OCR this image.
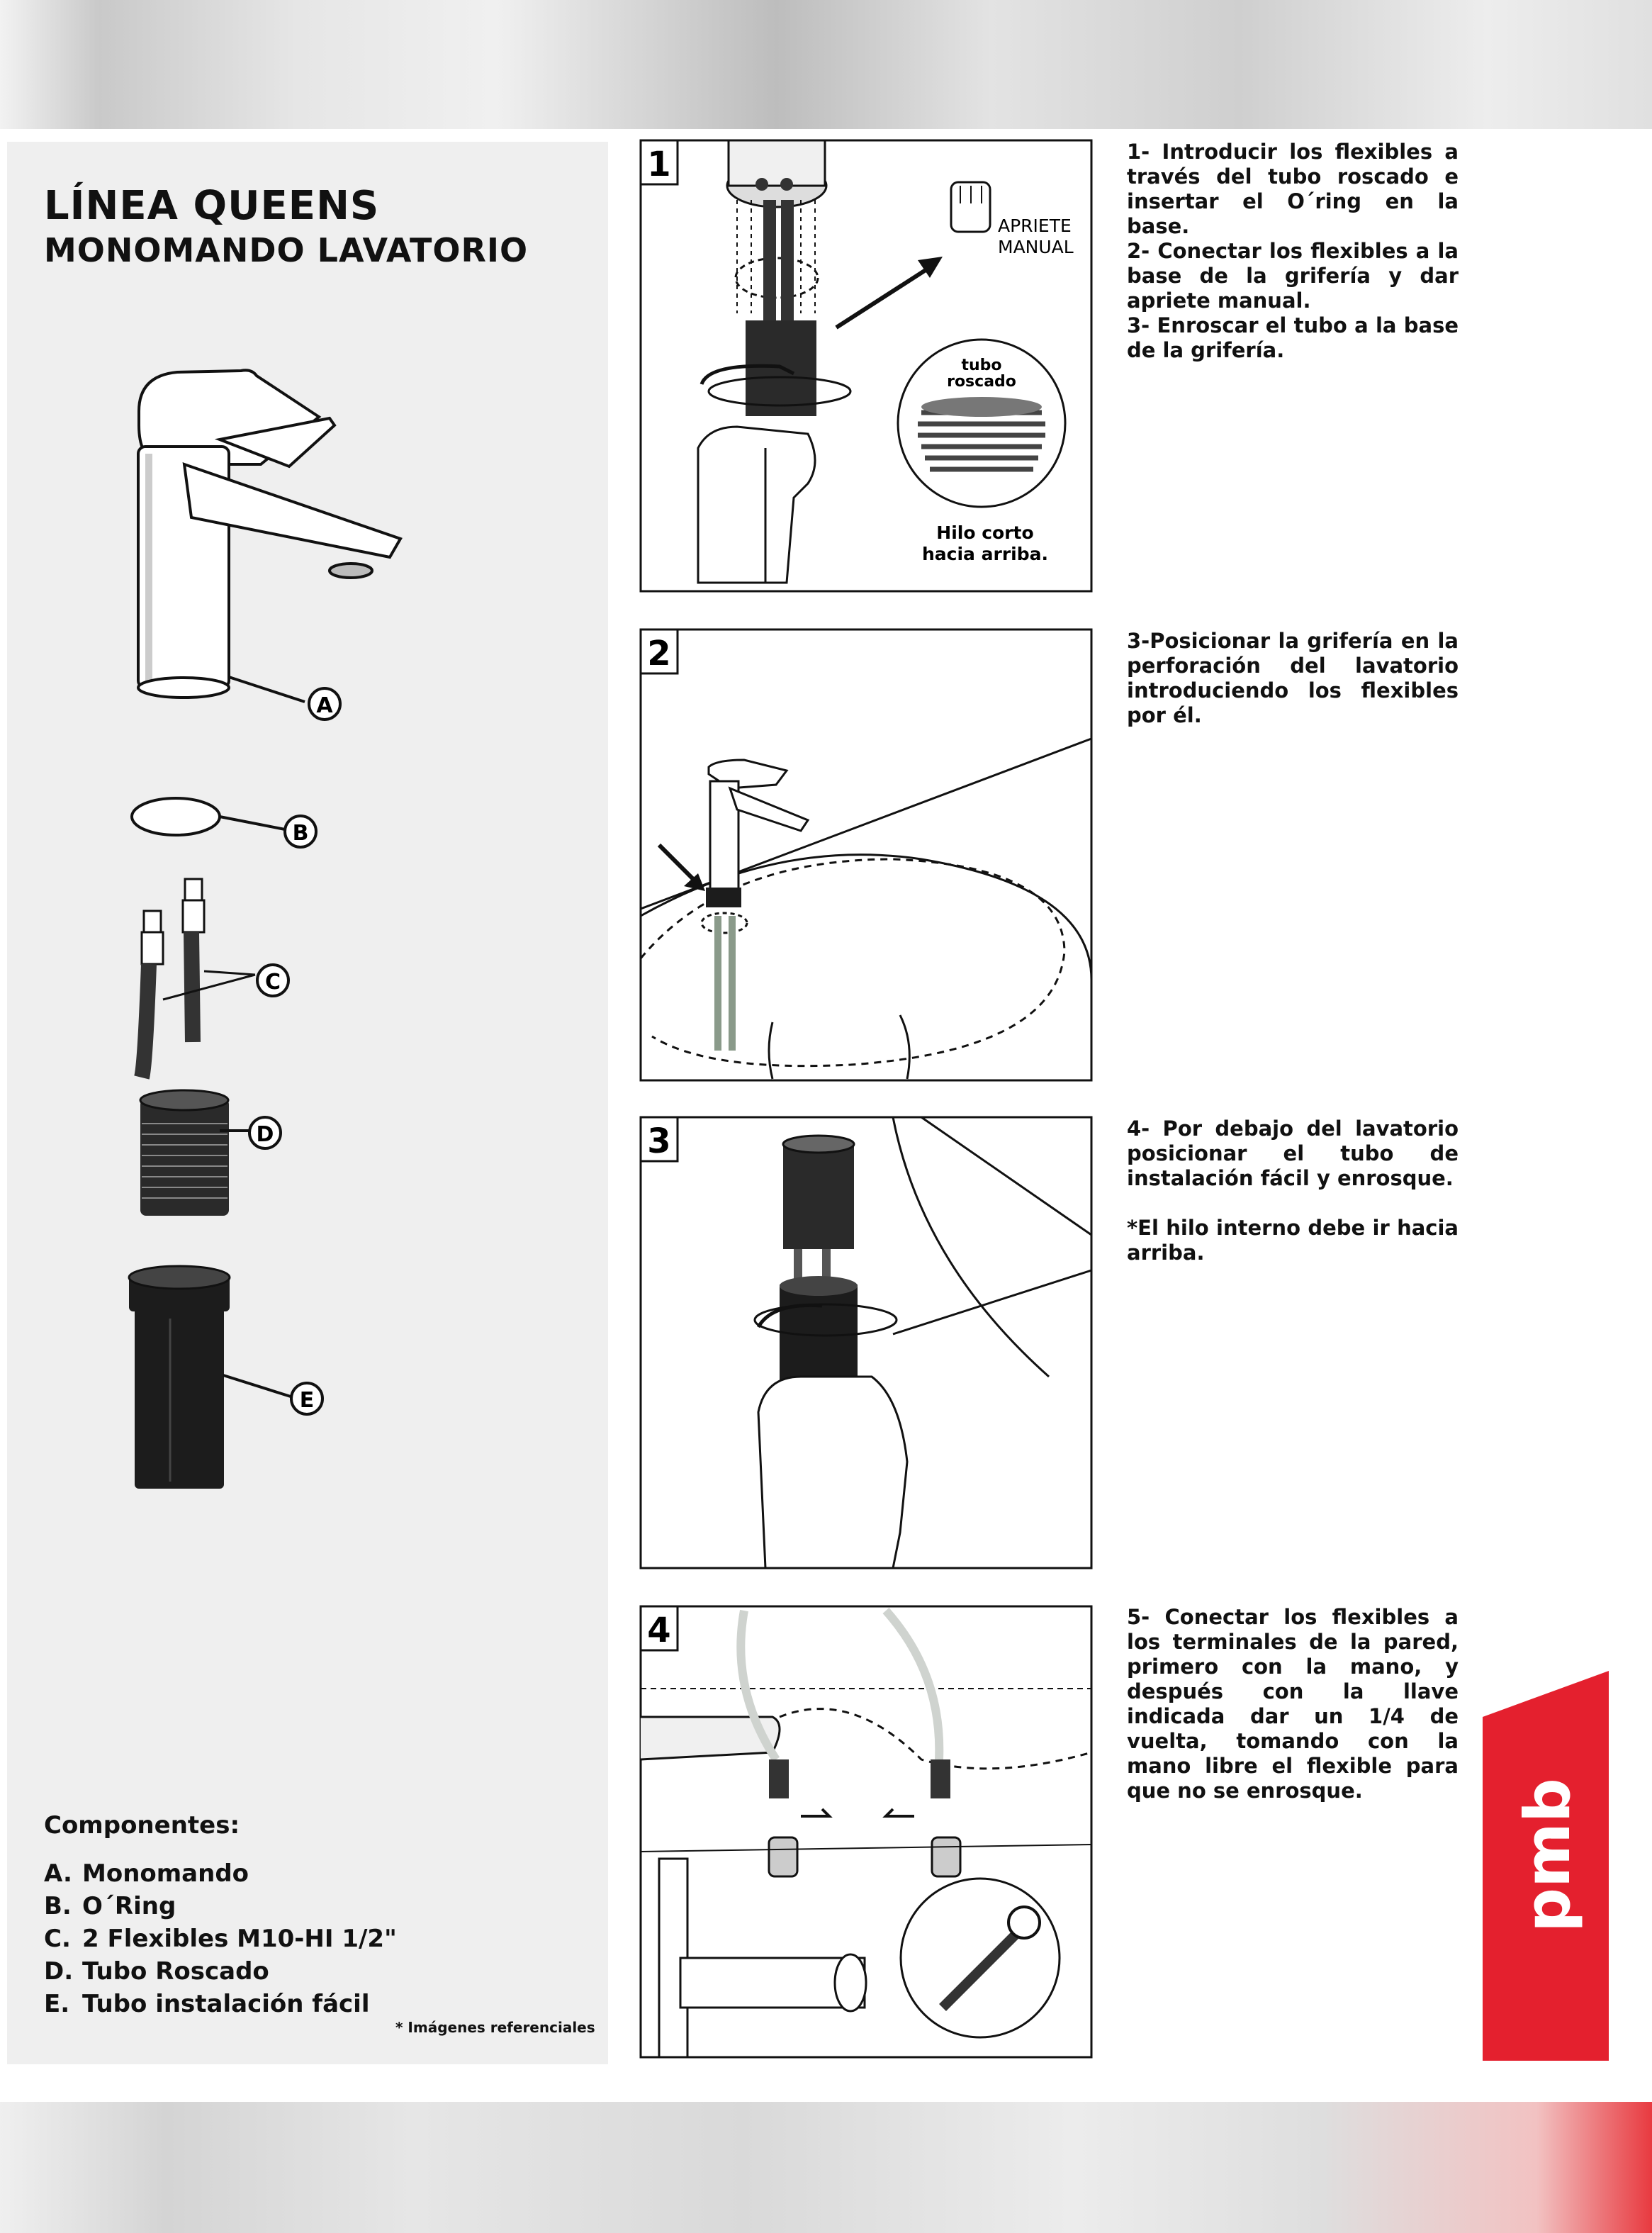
LÍNEA QUEENS
MONOMANDO LAVATORIO
A
B
C
D
E
Componentes:
A. Monomando
B. O´Ring
C. 2 Flexibles M10-HI 1/2"
D. Tubo Roscado
E. Tubo instalación fácil
* Imágenes referenciales
1
APRIETE
MANUAL
tubo
roscado
Hilo corto
hacia arriba.
2
3
4
1- Introducir los flexibles a través del tubo roscado e insertar el O´ring en la base.
2- Conectar los flexibles a la base de la grifería y dar apriete manual.
3- Enroscar el tubo a la base de la grifería.
3-Posicionar la grifería en la perforación del lavatorio introduciendo los flexibles por él.

4- Por debajo del lavatorio posicionar el tubo de instalación fácil y enrosque.

*El hilo interno debe ir hacia arriba.
5- Conectar los flexibles a los terminales de la pared, primero con la mano, y después con la llave indicada dar un 1/4 de vuelta, tomando con la mano libre el flexible para que no se enrosque.	pmb
